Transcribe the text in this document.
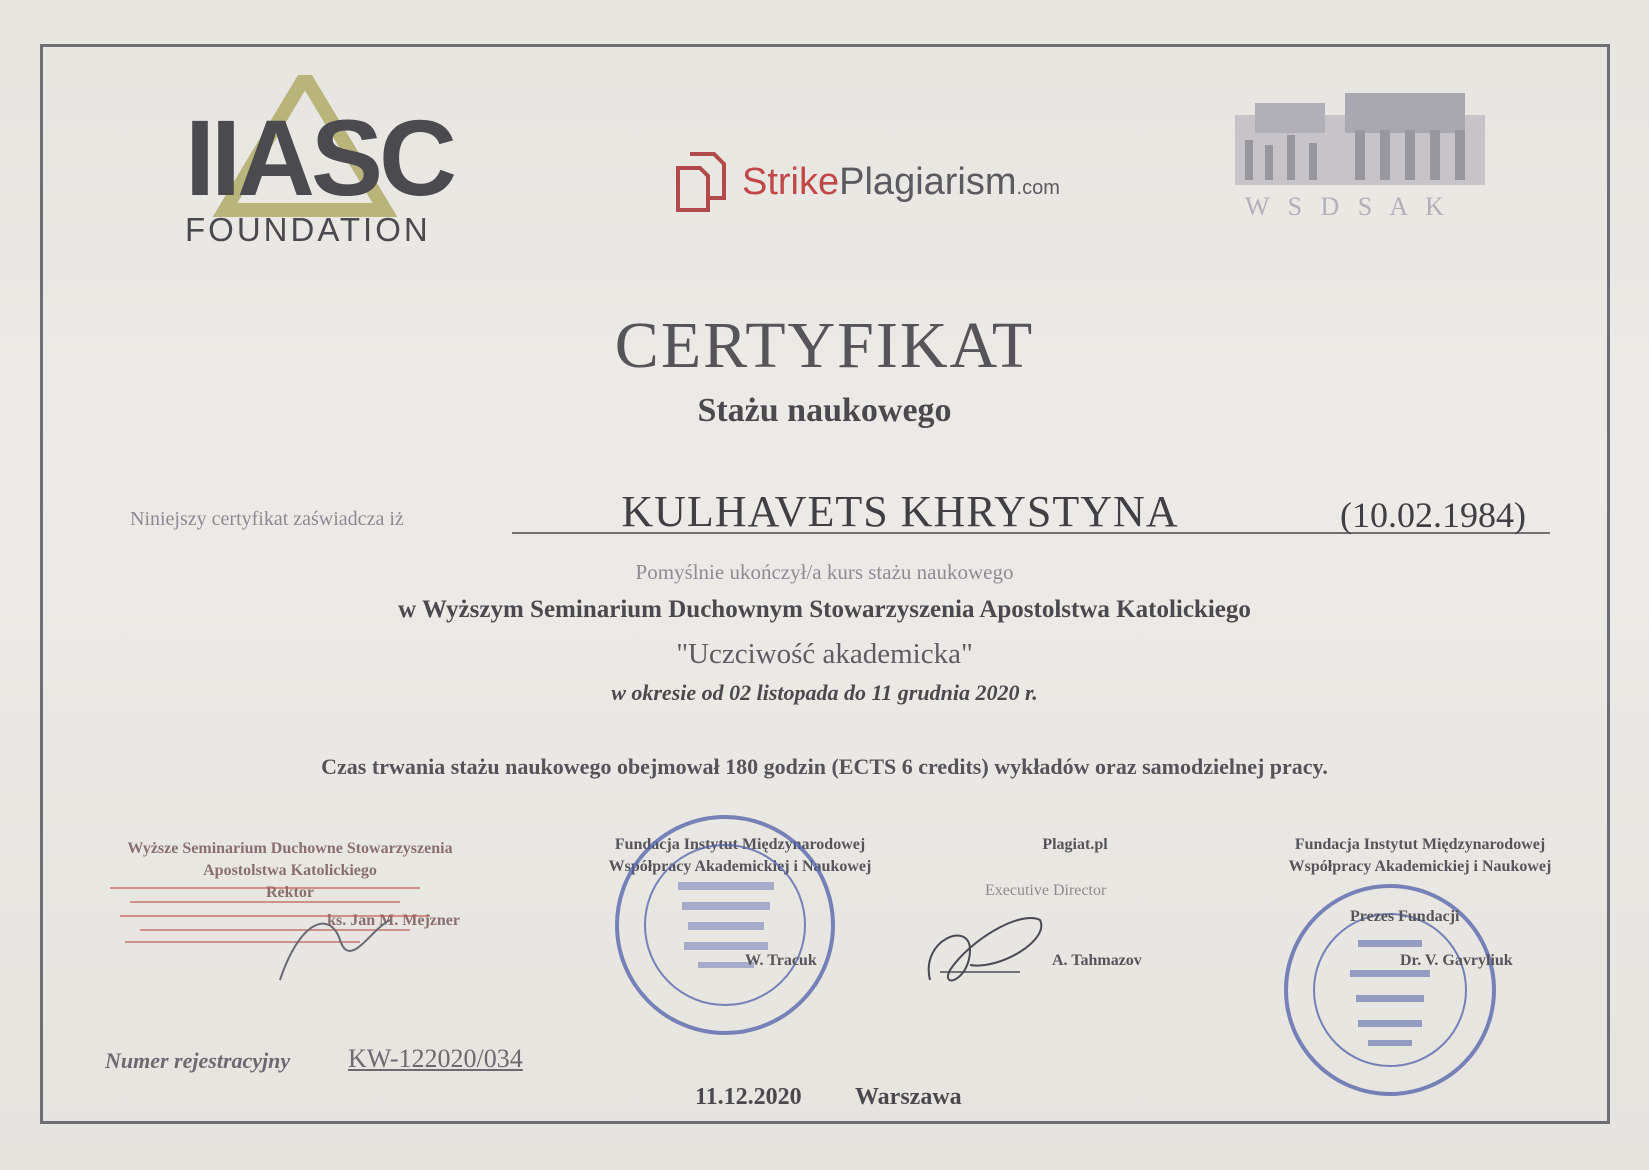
IIASC
FOUNDATION
StrikePlagiarism.com
W S D S A K
CERTYFIKAT
Stażu naukowego
Niniejszy certyfikat zaświadcza iż	KULHAVETS KHRYSTYNA	(10.02.1984)
Pomyślnie ukończył/a kurs stażu naukowego
w Wyższym Seminarium Duchownym Stowarzyszenia Apostolstwa Katolickiego
"Uczciwość akademicka"
w okresie od 02 listopada do 11 grudnia 2020 r.
Czas trwania stażu naukowego obejmował 180 godzin (ECTS 6 credits) wykładów oraz samodzielnej pracy.
Wyższe Seminarium Duchowne Stowarzyszenia
Apostolstwa Katolickiego
Rektor
ks. Jan M. Mejzner
Fundacja Instytut Międzynarodowej
Współpracy Akademickiej i Naukowej
W. Tracuk
Plagiat.pl
Executive Director
A. Tahmazov
Fundacja Instytut Międzynarodowej
Współpracy Akademickiej i Naukowej
Prezes Fundacji
Dr. V. Gavryliuk
Numer rejestracyjny KW-122020/034
11.12.2020 Warszawa
